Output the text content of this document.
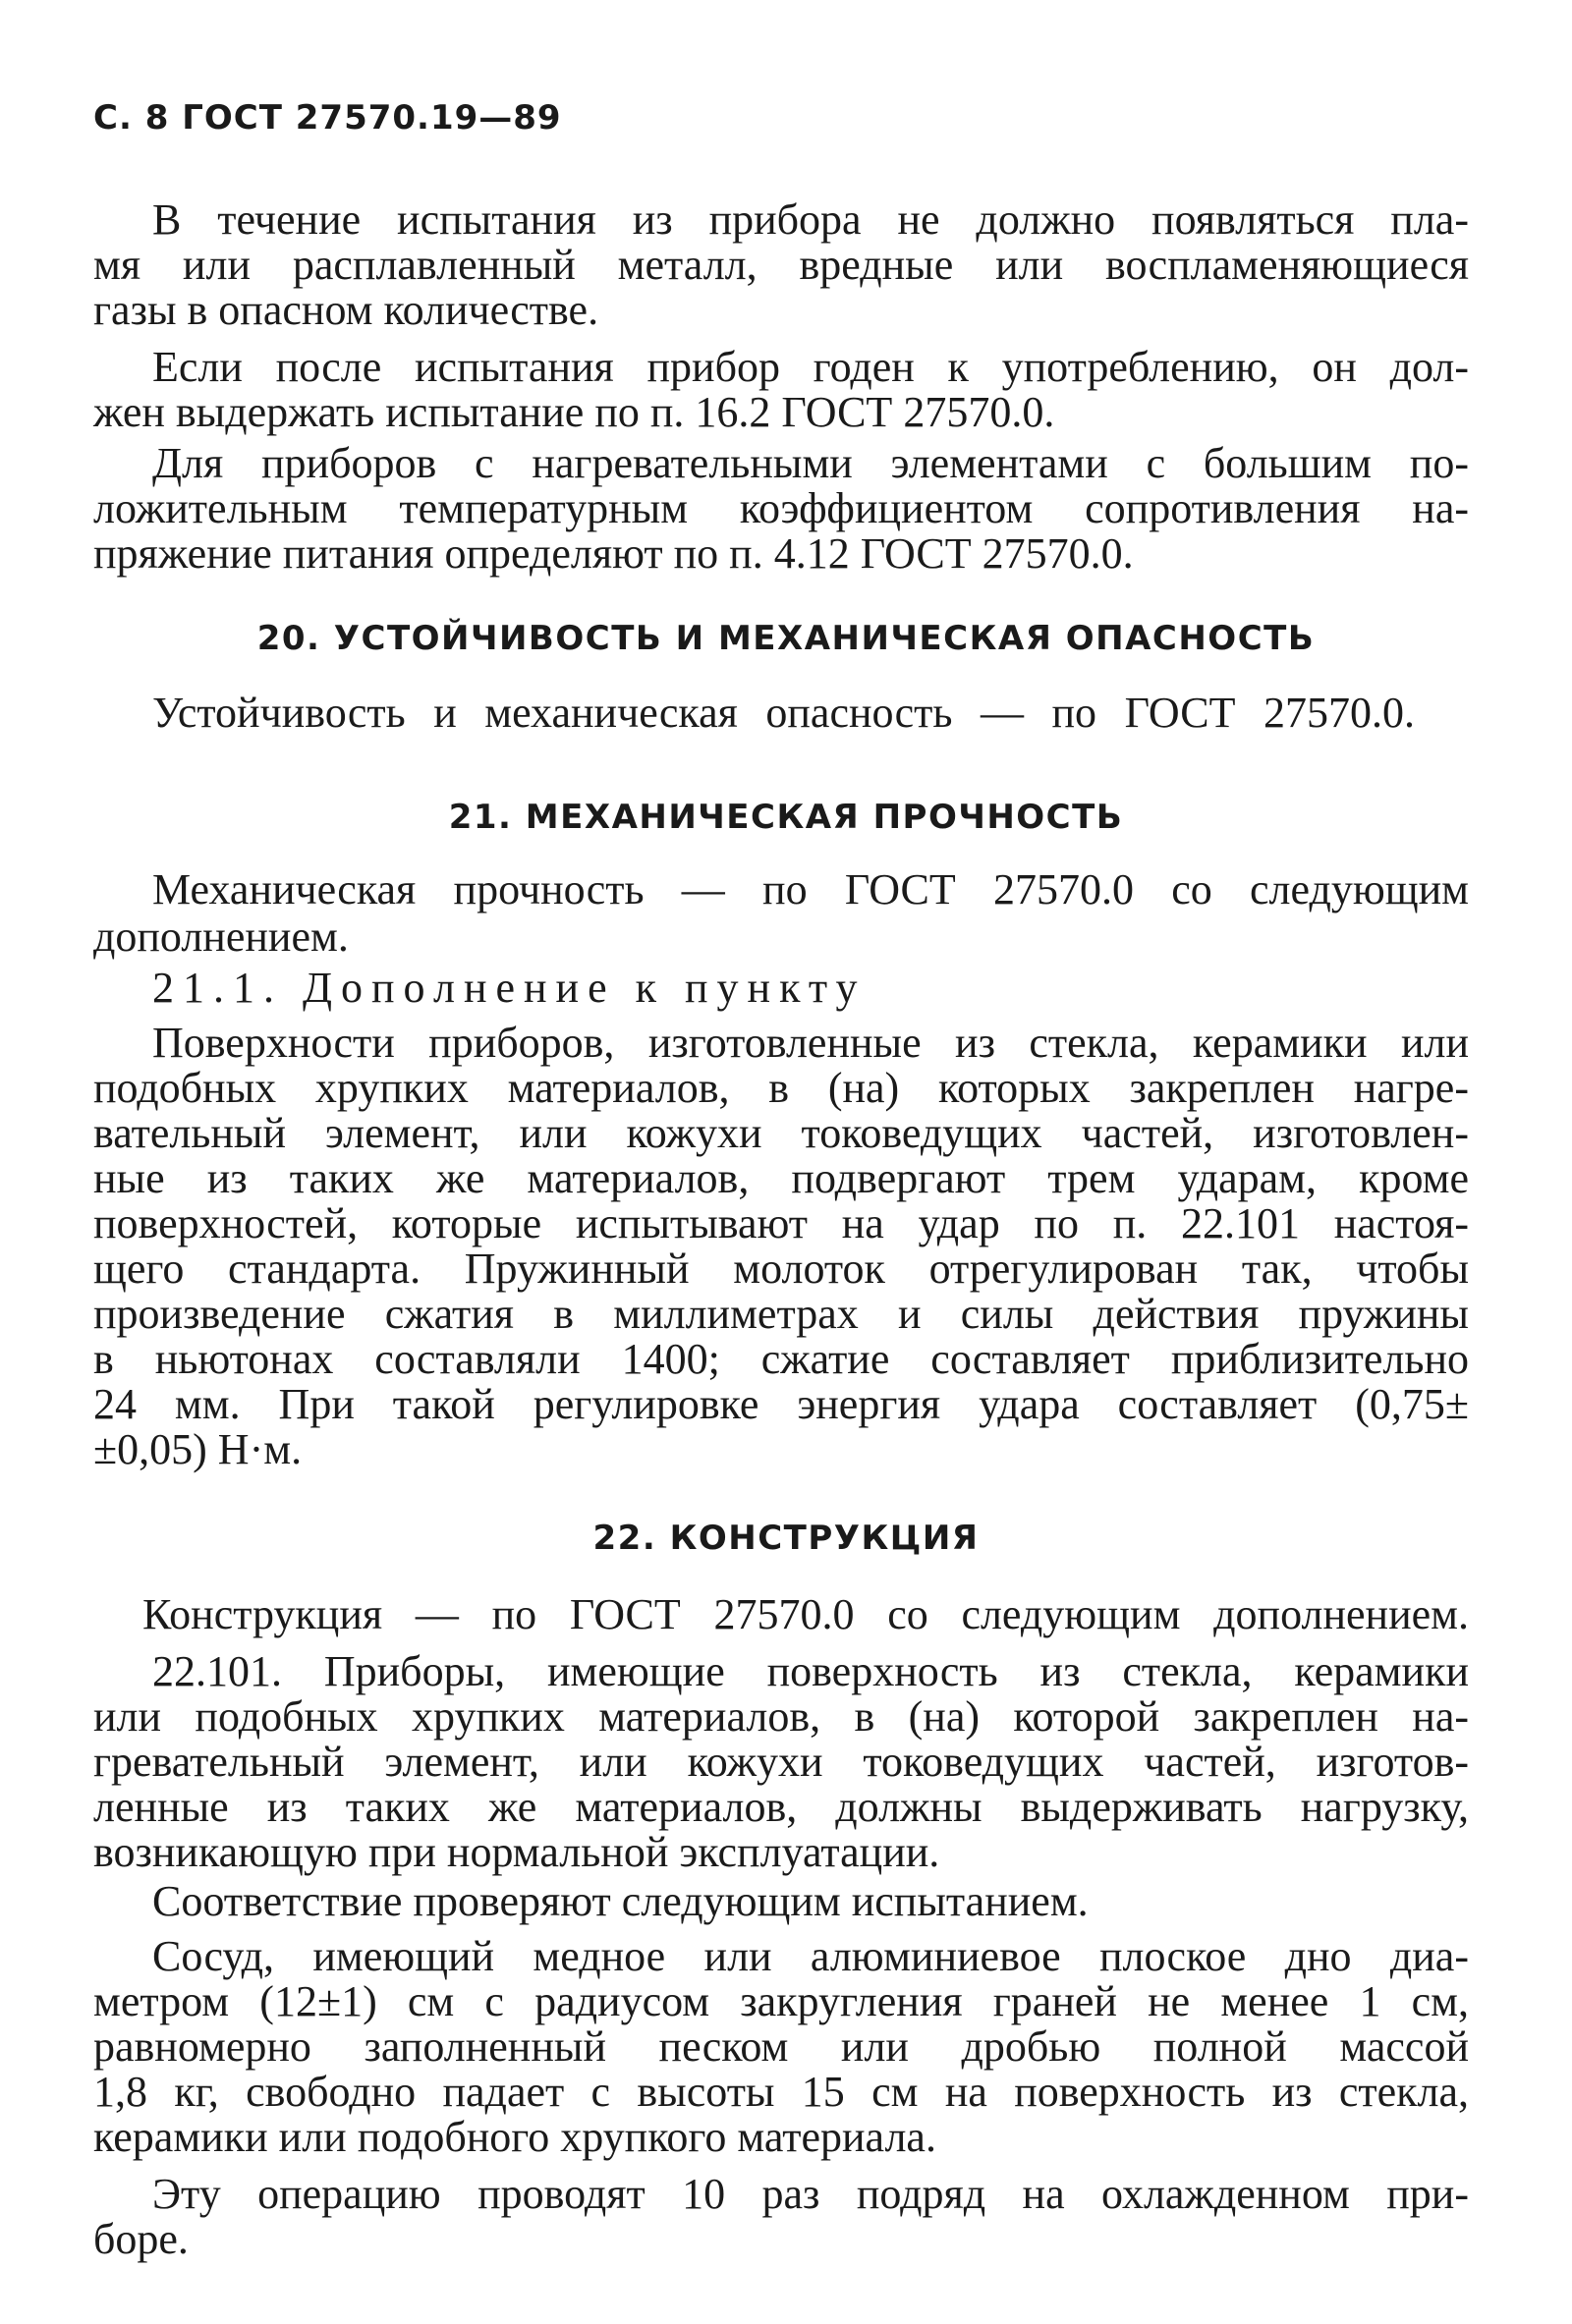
С. 8 ГОСТ 27570.19—89
В течение испытания из прибора не должно появляться пла-
мя или расплавленный металл, вредные или воспламеняющиеся
газы в опасном количестве.
Если после испытания прибор годен к употреблению, он дол-
жен выдержать испытание по п. 16.2 ГОСТ 27570.0.
Для приборов с нагревательными элементами с большим по-
ложительным температурным коэффициентом сопротивления на-
пряжение питания определяют по п. 4.12 ГОСТ 27570.0.
20. УСТОЙЧИВОСТЬ И МЕХАНИЧЕСКАЯ ОПАСНОСТЬ
Устойчивость и механическая опасность — по ГОСТ 27570.0.
21. МЕХАНИЧЕСКАЯ ПРОЧНОСТЬ
Механическая прочность — по ГОСТ 27570.0 со следующим
дополнением.
21.1. Дополнение к пункту
Поверхности приборов, изготовленные из стекла, керамики или
подобных хрупких материалов, в (на) которых закреплен нагре-
вательный элемент, или кожухи токоведущих частей, изготовлен-
ные из таких же материалов, подвергают трем ударам, кроме
поверхностей, которые испытывают на удар по п. 22.101 настоя-
щего стандарта. Пружинный молоток отрегулирован так, чтобы
произведение сжатия в миллиметрах и силы действия пружины
в ньютонах составляли 1400; сжатие составляет приблизительно
24 мм. При такой регулировке энергия удара составляет (0,75±
±0,05) Н·м.
22. КОНСТРУКЦИЯ
Конструкция — по ГОСТ 27570.0 со следующим дополнением.
22.101. Приборы, имеющие поверхность из стекла, керамики
или подобных хрупких материалов, в (на) которой закреплен на-
гревательный элемент, или кожухи токоведущих частей, изготов-
ленные из таких же материалов, должны выдерживать нагрузку,
возникающую при нормальной эксплуатации.
Соответствие проверяют следующим испытанием.
Сосуд, имеющий медное или алюминиевое плоское дно диа-
метром (12±1) см с радиусом закругления граней не менее 1 см,
равномерно заполненный песком или дробью полной массой
1,8 кг, свободно падает с высоты 15 см на поверхность из стекла,
керамики или подобного хрупкого материала.
Эту операцию проводят 10 раз подряд на охлажденном при-
боре.
